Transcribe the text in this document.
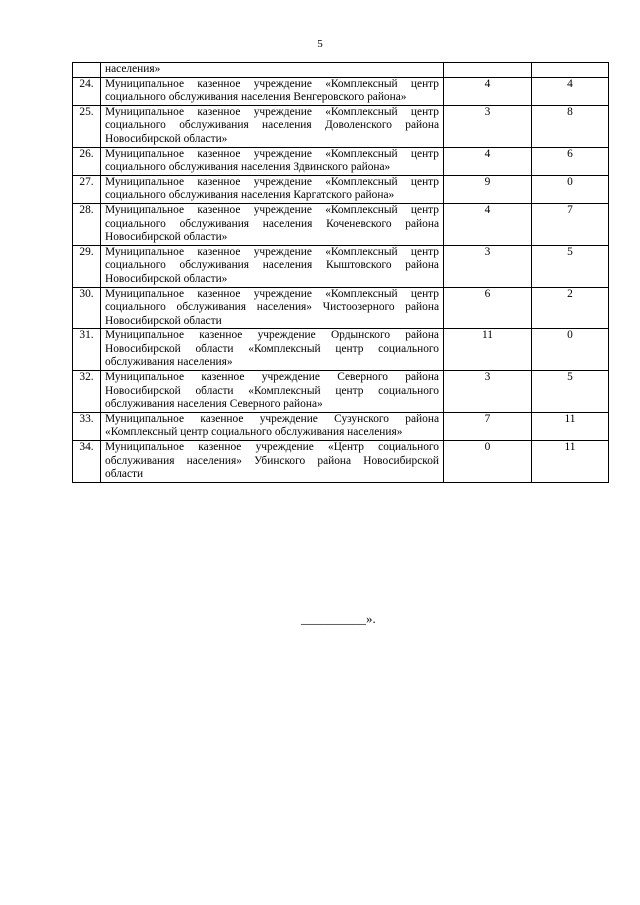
5
	населения»		
24.	Муниципальное казенное учреждение «Комплексный центр социального обслуживания населения Венгеровского района»	4	4
25.	Муниципальное казенное учреждение «Комплексный центр социального обслуживания населения Доволенского района Новосибирской области»	3	8
26.	Муниципальное казенное учреждение «Комплексный центр социального обслуживания населения Здвинского района»	4	6
27.	Муниципальное казенное учреждение «Комплексный центр социального обслуживания населения Каргатского района»	9	0
28.	Муниципальное казенное учреждение «Комплексный центр социального обслуживания населения Коченевского района Новосибирской области»	4	7
29.	Муниципальное казенное учреждение «Комплексный центр социального обслуживания населения Кыштовского района Новосибирской области»	3	5
30.	Муниципальное казенное учреждение «Комплексный центр социального обслуживания населения» Чистоозерного района Новосибирской области	6	2
31.	Муниципальное казенное учреждение Ордынского района Новосибирской области «Комплексный центр социального обслуживания населения»	11	0
32.	Муниципальное казенное учреждение Северного района Новосибирской области «Комплексный центр социального обслуживания населения Северного района»	3	5
33.	Муниципальное казенное учреждение Сузунского района «Комплексный центр социального обслуживания населения»	7	11
34.	Муниципальное казенное учреждение «Центр социального обслуживания населения» Убинского района Новосибирской области	0	11
__________».
